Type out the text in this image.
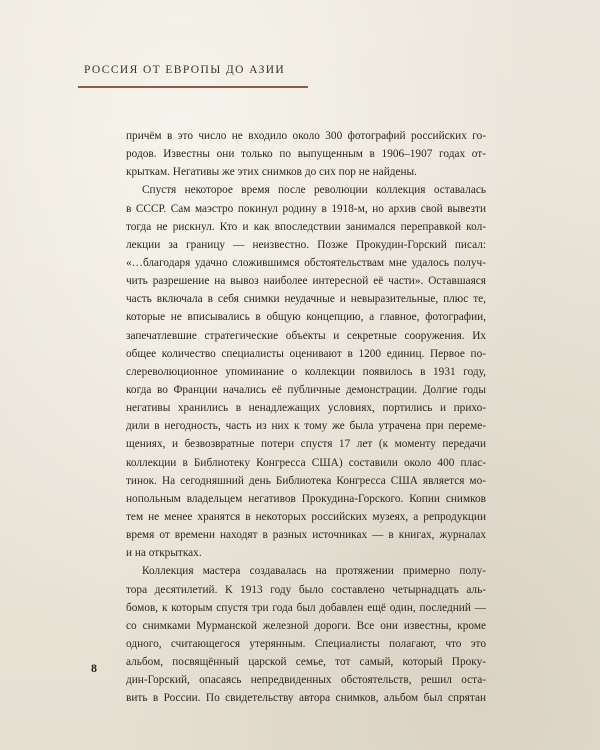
РОССИЯ ОТ ЕВРОПЫ ДО АЗИИ
причём в это число не входило около 300 фотографий российских го-
родов. Известны они только по выпущенным в 1906–1907 годах от-
крыткам. Негативы же этих снимков до сих пор не найдены.
Спустя некоторое время после революции коллекция оставалась
в СССР. Сам маэстро покинул родину в 1918-м, но архив свой вывезти
тогда не рискнул. Кто и как впоследствии занимался переправкой кол-
лекции за границу — неизвестно. Позже Прокудин-Горский писал:
«…благодаря удачно сложившимся обстоятельствам мне удалось получ-
чить разрешение на вывоз наиболее интересной её части». Оставшаяся
часть включала в себя снимки неудачные и невыразительные, плюс те,
которые не вписывались в общую концепцию, а главное, фотографии,
запечатлевшие стратегические объекты и секретные сооружения. Их
общее количество специалисты оценивают в 1200 единиц. Первое по-
слереволюционное упоминание о коллекции появилось в 1931 году,
когда во Франции начались её публичные демонстрации. Долгие годы
негативы хранились в ненадлежащих условиях, портились и прихо-
дили в негодность, часть из них к тому же была утрачена при переме-
щениях, и безвозвратные потери спустя 17 лет (к моменту передачи
коллекции в Библиотеку Конгресса США) составили около 400 плас-
тинок. На сегодняшний день Библиотека Конгресса США является мо-
нопольным владельцем негативов Прокудина-Горского. Копии снимков
тем не менее хранятся в некоторых российских музеях, а репродукции
время от времени находят в разных источниках — в книгах, журналах
и на открытках.
Коллекция мастера создавалась на протяжении примерно полу-
тора десятилетий. К 1913 году было составлено четырнадцать аль-
бомов, к которым спустя три года был добавлен ещё один, последний —
со снимками Мурманской железной дороги. Все они известны, кроме
одного, считающегося утерянным. Специалисты полагают, что это
альбом, посвящённый царской семье, тот самый, который Проку-
дин-Горский, опасаясь непредвиденных обстоятельств, решил оста-
вить в России. По свидетельству автора снимков, альбом был спрятан
8
